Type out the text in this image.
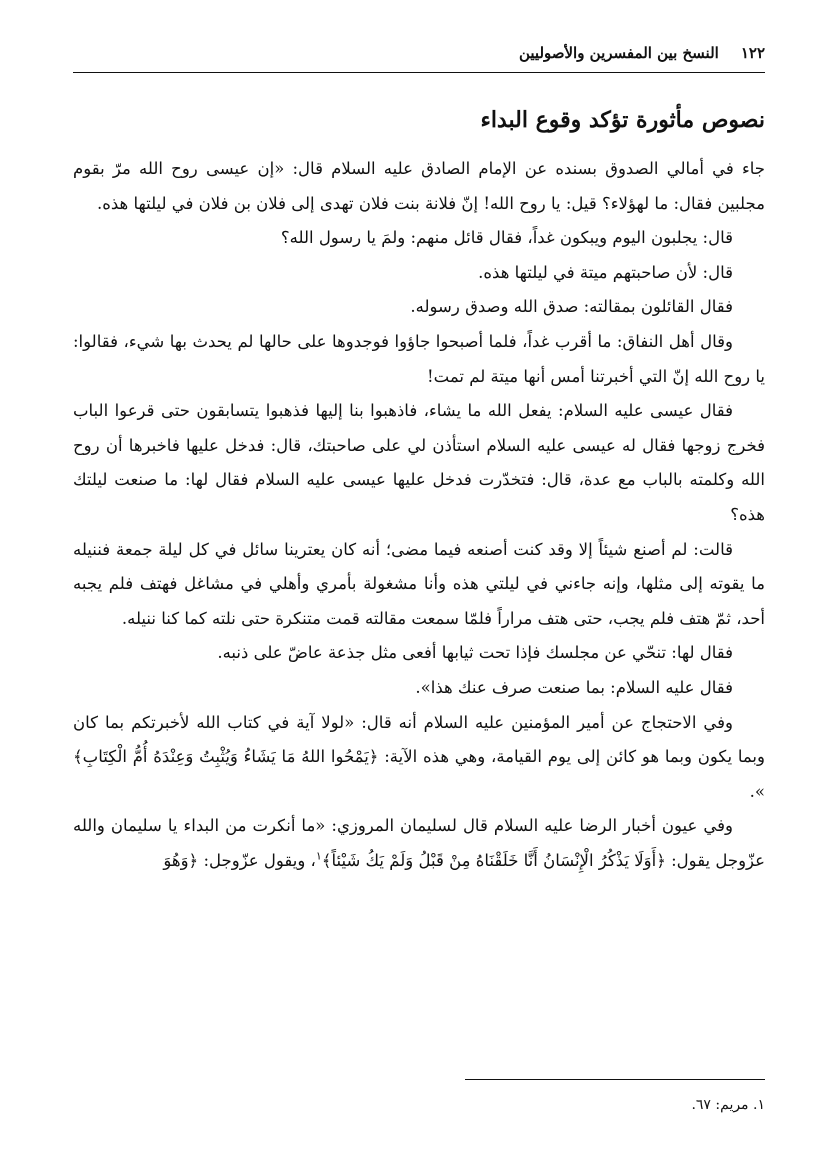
١٢٢
النسخ بين المفسرين والأصوليين
نصوص مأثورة تؤكد وقوع البداء

جاء في أمالي الصدوق بسنده عن الإمام الصادق عليه السلام قال: «إن عيسى روح الله مرّ بقوم مجلبين فقال: ما لهؤلاء؟ قيل: يا روح الله! إنّ فلانة بنت فلان تهدى إلى فلان بن فلان في ليلتها هذه.

قال: يجلبون اليوم ويبكون غداً، فقال قائل منهم: ولمَ يا رسول الله؟

قال: لأن صاحبتهم ميتة في ليلتها هذه.

فقال القائلون بمقالته: صدق الله وصدق رسوله.

وقال أهل النفاق: ما أقرب غداً، فلما أصبحوا جاؤوا فوجدوها على حالها لم يحدث بها شيء، فقالوا: يا روح الله إنّ التي أخبرتنا أمس أنها ميتة لم تمت!

فقال عيسى عليه السلام: يفعل الله ما يشاء، فاذهبوا بنا إليها فذهبوا يتسابقون حتى قرعوا الباب فخرج زوجها فقال له عيسى عليه السلام استأذن لي على صاحبتك، قال: فدخل عليها فاخبرها أن روح الله وكلمته بالباب مع عدة، قال: فتخدّرت فدخل عليها عيسى عليه السلام فقال لها: ما صنعت ليلتك هذه؟

قالت: لم أصنع شيئاً إلا وقد كنت أصنعه فيما مضى؛ أنه كان يعترينا سائل في كل ليلة جمعة فننيله ما يقوته إلى مثلها، وإنه جاءني في ليلتي هذه وأنا مشغولة بأمري وأهلي في مشاغل فهتف فلم يجبه أحد، ثمّ هتف فلم يجب، حتى هتف مراراً فلمّا سمعت مقالته قمت متنكرة حتى نلته كما كنا ننيله.

فقال لها: تنحّي عن مجلسك فإذا تحت ثيابها أفعى مثل جذعة عاضّ على ذنبه.

فقال عليه السلام: بما صنعت صرف عنك هذا».

وفي الاحتجاج عن أمير المؤمنين عليه السلام أنه قال: «لولا آية في كتاب الله لأخبرتكم بما كان وبما يكون وبما هو كائن إلى يوم القيامة، وهي هذه الآية: ﴿يَمْحُوا اللهُ مَا يَشَاءُ وَيُثْبِتُ وَعِنْدَهُ أُمُّ الْكِتَابِ﴾ ».

وفي عيون أخبار الرضا عليه السلام قال لسليمان المروزي: «ما أنكرت من البداء يا سليمان والله عزّوجل يقول: ﴿أَوَلَا يَذْكُرُ الْإِنْسَانُ أَنَّا خَلَقْنَاهُ مِنْ قَبْلُ وَلَمْ يَكُ شَيْئاً﴾$^١$، ويقول عزّوجل: ﴿وَهُوَ

١. مريم: ٦٧.
